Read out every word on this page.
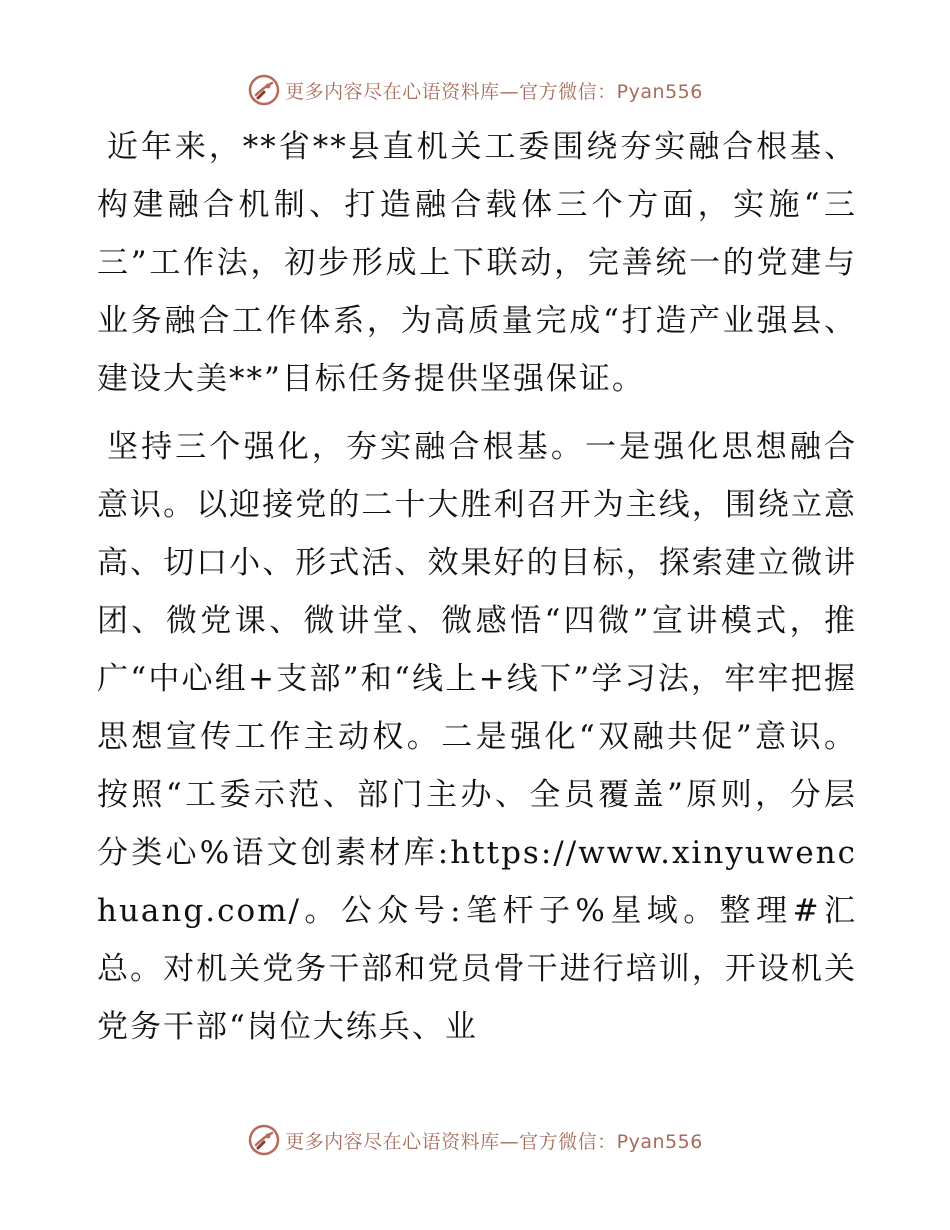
更多内容尽在心语资料库—官方微信：Pyan556

近年来，**省**县直机关工委围绕夯实融合根基、构建融合机制、打造融合载体三个方面，实施“三三”工作法，初步形成上下联动，完善统一的党建与业务融合工作体系，为高质量完成“打造产业强县、建设大美**”目标任务提供坚强保证。

坚持三个强化，夯实融合根基。一是强化思想融合意识。以迎接党的二十大胜利召开为主线，围绕立意高、切口小、形式活、效果好的目标，探索建立微讲团、微党课、微讲堂、微感悟“四微”宣讲模式，推广“中心组+支部”和“线上+线下”学习法，牢牢把握思想宣传工作主动权。二是强化“双融共促”意识。按照“工委示范、部门主办、全员覆盖”原则，分层分类心%语文创素材库:https://www.xinyuwenchuang.com/。公众号:笔杆子%星域。整理#汇总。对机关党务干部和党员骨干进行培训，开设机关党务干部“岗位大练兵、业

更多内容尽在心语资料库—官方微信：Pyan556
